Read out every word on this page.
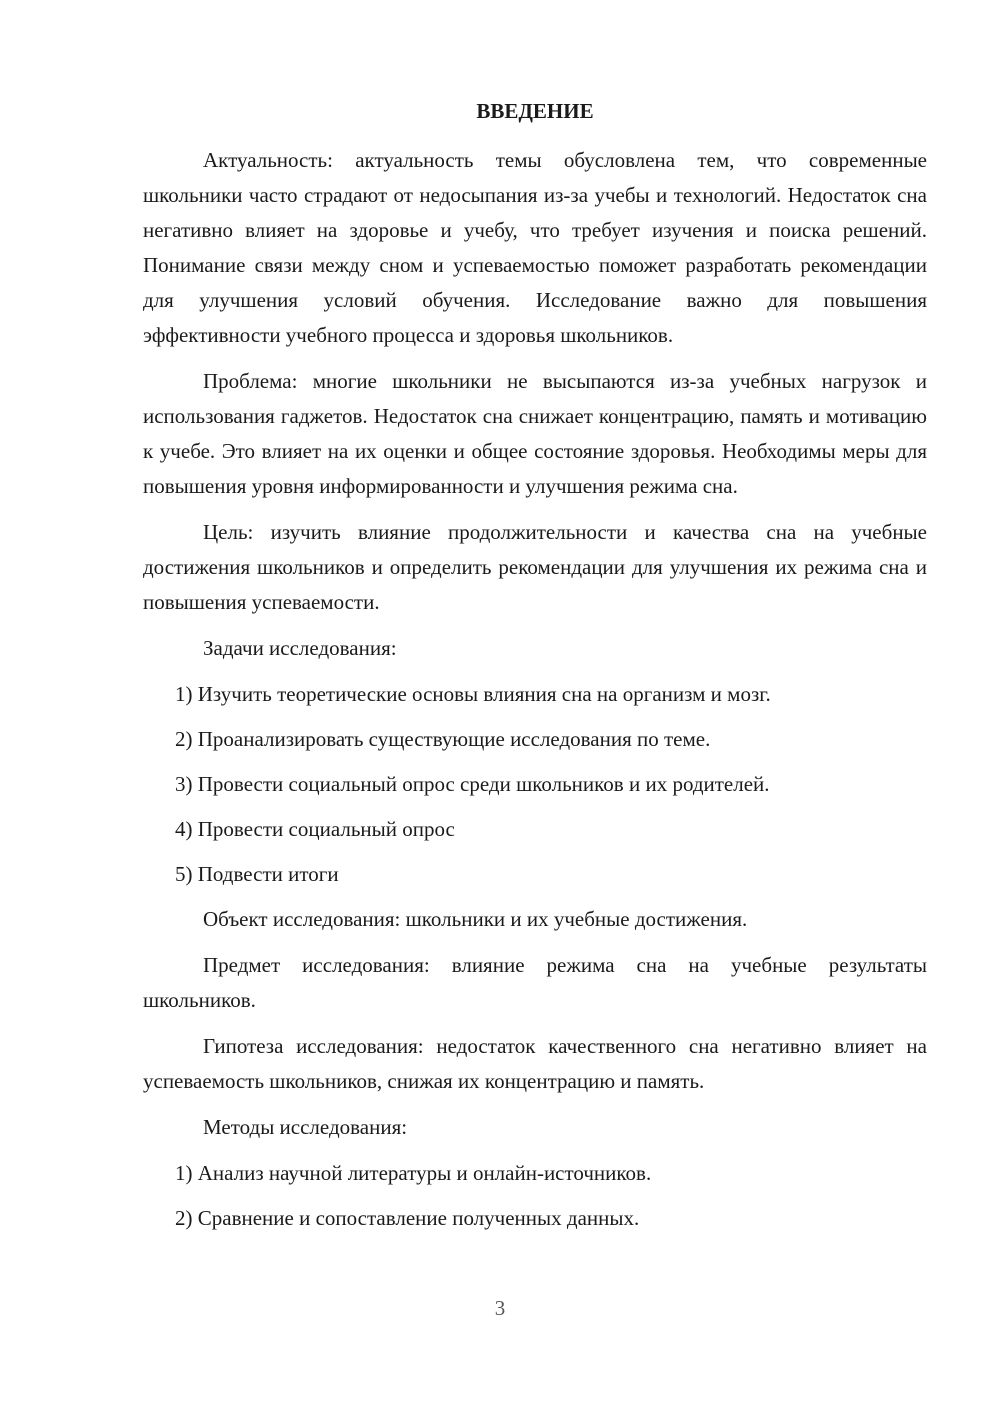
ВВЕДЕНИЕ

Актуальность: актуальность темы обусловлена тем, что современные школьники часто страдают от недосыпания из-за учебы и технологий. Недостаток сна негативно влияет на здоровье и учебу, что требует изучения и поиска решений. Понимание связи между сном и успеваемостью поможет разработать рекомендации для улучшения условий обучения. Исследование важно для повышения эффективности учебного процесса и здоровья школьников.

Проблема: многие школьники не высыпаются из-за учебных нагрузок и использования гаджетов. Недостаток сна снижает концентрацию, память и мотивацию к учебе. Это влияет на их оценки и общее состояние здоровья. Необходимы меры для повышения уровня информированности и улучшения режима сна.

Цель: изучить влияние продолжительности и качества сна на учебные достижения школьников и определить рекомендации для улучшения их режима сна и повышения успеваемости.

Задачи исследования:

1) Изучить теоретические основы влияния сна на организм и мозг.
2) Проанализировать существующие исследования по теме.
3) Провести социальный опрос среди школьников и их родителей.
4) Провести социальный опрос
5) Подвести итоги

Объект исследования: школьники и их учебные достижения.

Предмет исследования: влияние режима сна на учебные результаты школьников.

Гипотеза исследования: недостаток качественного сна негативно влияет на успеваемость школьников, снижая их концентрацию и память.

Методы исследования:

1) Анализ научной литературы и онлайн-источников.
2) Сравнение и сопоставление полученных данных.
3
